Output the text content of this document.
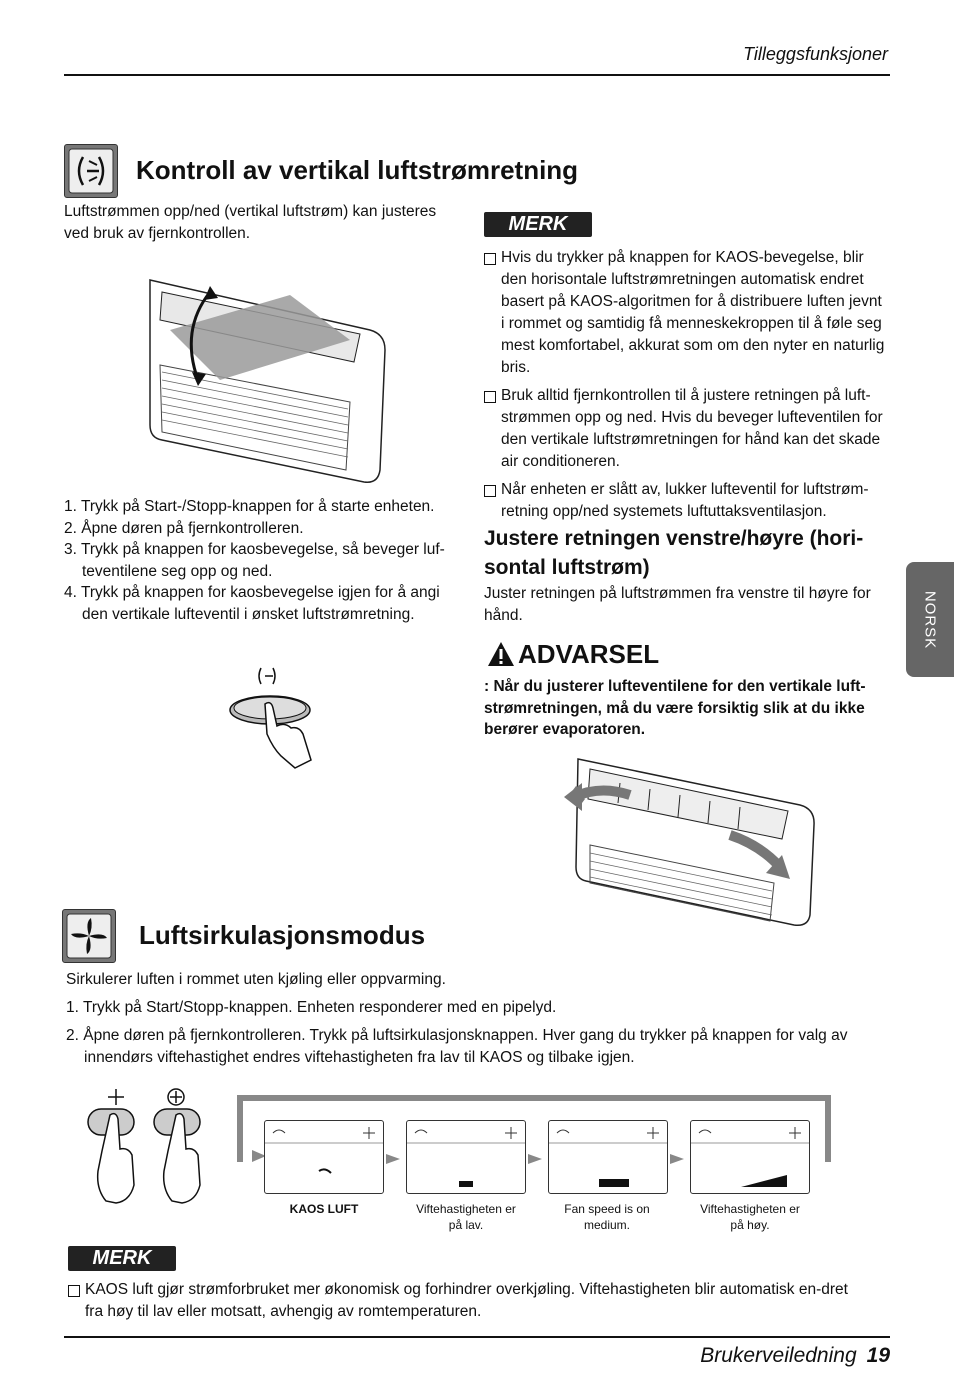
Tilleggsfunksjoner
Kontroll av vertikal luftstrømretning
Luftstrømmen opp/ned (vertikal luftstrøm) kan justeres ved bruk av fjernkontrollen.
1. Trykk på Start-/Stopp-knappen for å starte enheten.
2. Åpne døren på fjernkontrolleren.
3. Trykk på knappen for kaosbevegelse, så beveger luf-teventilene seg opp og ned.
4. Trykk på knappen for kaosbevegelse igjen for å angi den vertikale lufteventil i ønsket luftstrømretning.
MERK
Hvis du trykker på knappen for KAOS-bevegelse, blir den horisontale luftstrømretningen automatisk endret basert på KAOS-algoritmen for å distribuere luften jevnt i rommet og samtidig få menneskekroppen til å føle seg mest komfortabel, akkurat som om den nyter en naturlig bris.
Bruk alltid fjernkontrollen til å justere retningen på luft-strømmen opp og ned. Hvis du beveger lufteventilen for den vertikale luftstrømretningen for hånd kan det skade air conditioneren.
Når enheten er slått av, lukker lufteventil for luftstrøm-retning opp/ned systemets luftuttaksventilasjon.
Justere retningen venstre/høyre (hori-sontal luftstrøm)
Juster retningen på luftstrømmen fra venstre til høyre for hånd.
ADVARSEL
: Når du justerer lufteventilene for den vertikale luft-strømretningen, må du være forsiktig slik at du ikke berører evaporatoren.
NORSK
Luftsirkulasjonsmodus
Sirkulerer luften i rommet uten kjøling eller oppvarming.
1. Trykk på Start/Stopp-knappen. Enheten responderer med en pipelyd.
2. Åpne døren på fjernkontrolleren. Trykk på luftsirkulasjonsknappen. Hver gang du trykker på knappen for valg av innendørs viftehastighet endres viftehastigheten fra lav til KAOS og tilbake igjen.
KAOS LUFT	Viftehastigheten er på lav.
Fan speed is on medium.
Viftehastigheten er på høy.
MERK
KAOS luft gjør strømforbruket mer økonomisk og forhindrer overkjøling. Viftehastigheten blir automatisk en-dret fra høy til lav eller motsatt, avhengig av romtemperaturen.
Brukerveiledning 19
